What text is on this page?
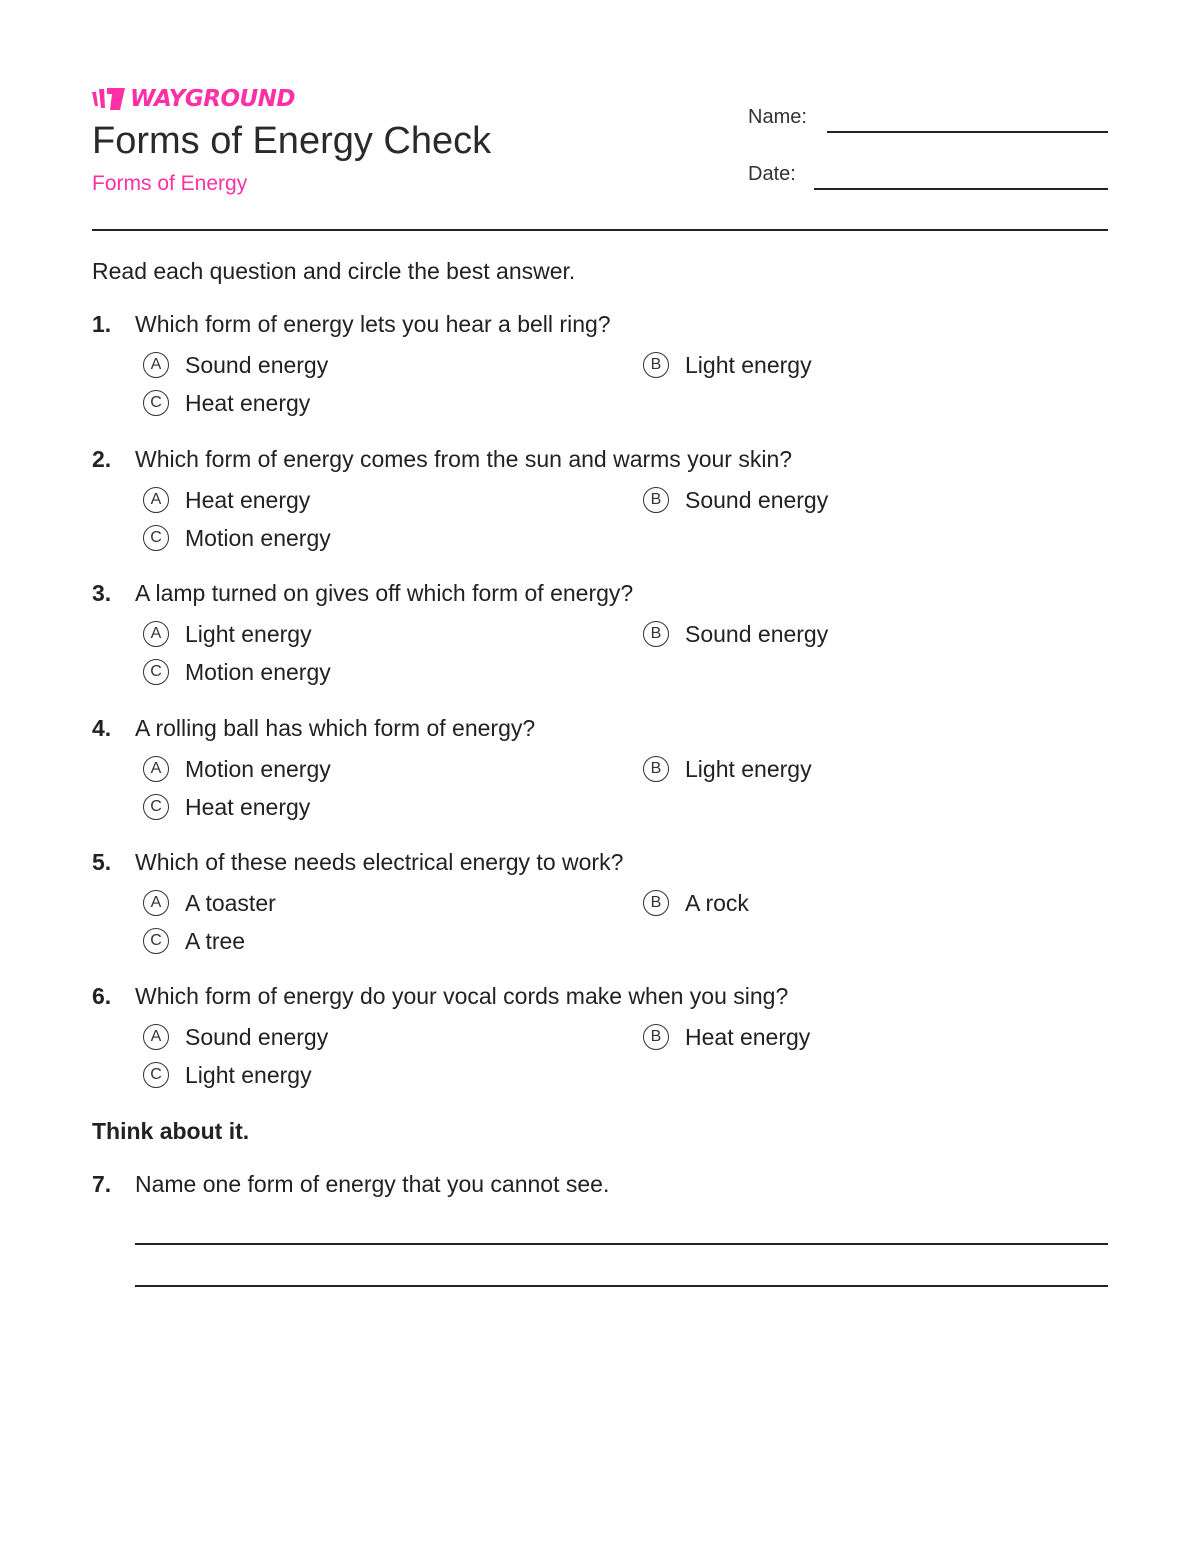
WAYGROUND
Forms of Energy Check
Forms of Energy
Name:
Date:
Read each question and circle the best answer.
1. Which form of energy lets you hear a bell ring?
A	Sound energy	B	Light energy
C	Heat energy
2. Which form of energy comes from the sun and warms your skin?
A	Heat energy	B	Sound energy
C	Motion energy
3. A lamp turned on gives off which form of energy?
A	Light energy	B	Sound energy
C	Motion energy
4. A rolling ball has which form of energy?
A	Motion energy	B	Light energy
C	Heat energy
5. Which of these needs electrical energy to work?
A	A toaster	B	A rock
C	A tree
6. Which form of energy do your vocal cords make when you sing?
A	Sound energy	B	Heat energy
C	Light energy
Think about it.
7. Name one form of energy that you cannot see.
